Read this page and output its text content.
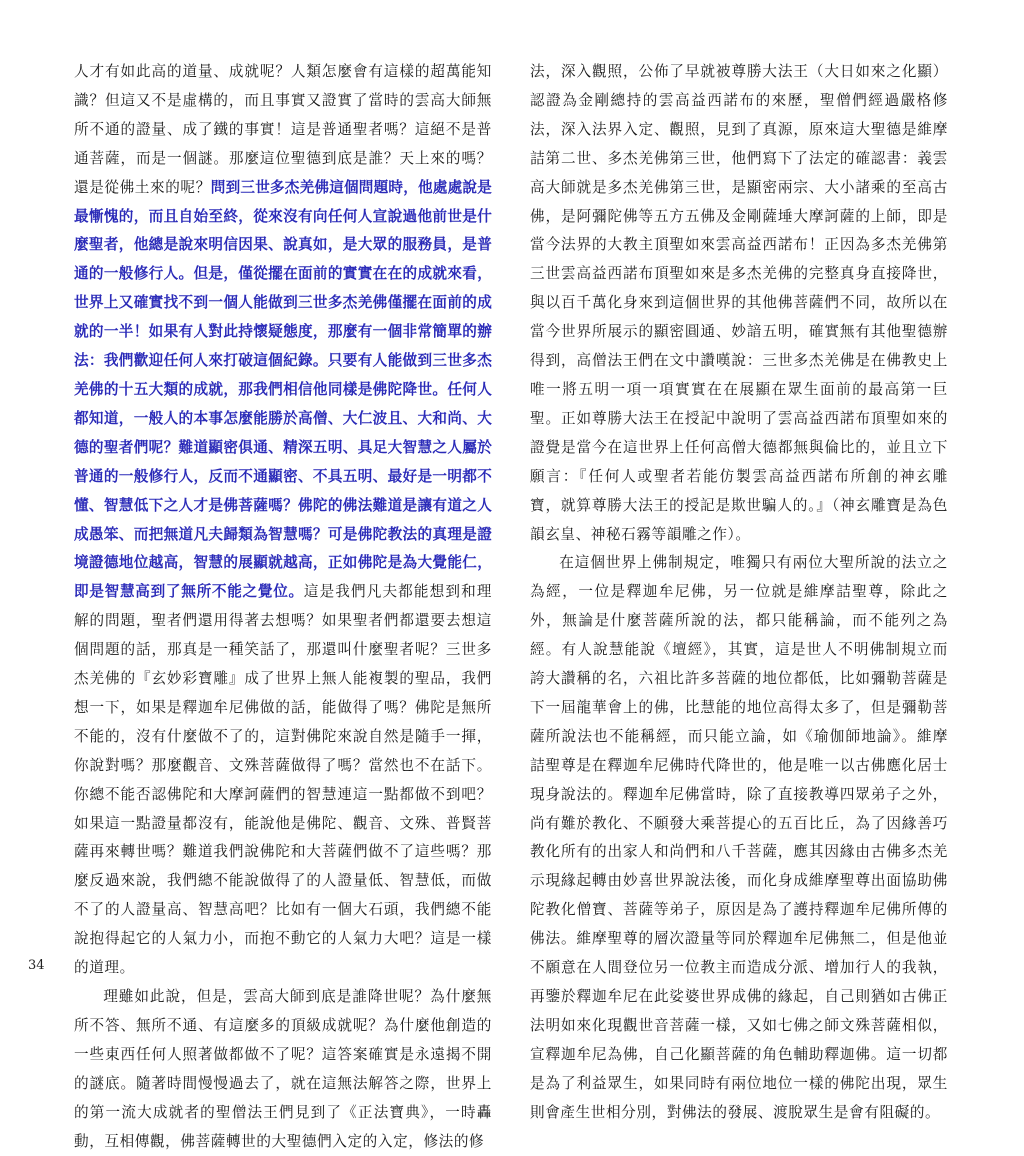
人才有如此高的道量、成就呢？人類怎麼會有這樣的超萬能知識？但這又不是虛構的，而且事實又證實了當時的雲高大師無所不通的證量、成了鐵的事實！這是普通聖者嗎？這絕不是普通菩薩，而是一個謎。那麼這位聖德到底是誰？天上來的嗎？還是從佛土來的呢？問到三世多杰羌佛這個問題時，他處處說是最慚愧的，而且自始至終，從來沒有向任何人宣說過他前世是什麼聖者，他總是說來明信因果、說真如，是大眾的服務員，是普通的一般修行人。但是，僅從擺在面前的實實在在的成就來看，世界上又確實找不到一個人能做到三世多杰羌佛僅擺在面前的成就的一半！如果有人對此持懷疑態度，那麼有一個非常簡單的辦法：我們歡迎任何人來打破這個紀錄。只要有人能做到三世多杰羌佛的十五大類的成就，那我們相信他同樣是佛陀降世。任何人都知道，一般人的本事怎麼能勝於高僧、大仁波且、大和尚、大德的聖者們呢？難道顯密俱通、精深五明、具足大智慧之人屬於普通的一般修行人，反而不通顯密、不具五明、最好是一明都不懂、智慧低下之人才是佛菩薩嗎？佛陀的佛法難道是讓有道之人成愚笨、而把無道凡夫歸類為智慧嗎？可是佛陀教法的真理是證境證德地位越高，智慧的展顯就越高，正如佛陀是為大覺能仁，即是智慧高到了無所不能之覺位。這是我們凡夫都能想到和理解的問題，聖者們還用得著去想嗎？如果聖者們都還要去想這個問題的話，那真是一種笑話了，那還叫什麼聖者呢？三世多杰羌佛的『玄妙彩寶雕』成了世界上無人能複製的聖品，我們想一下，如果是釋迦牟尼佛做的話，能做得了嗎？佛陀是無所不能的，沒有什麼做不了的，這對佛陀來說自然是隨手一揮，你說對嗎？那麼觀音、文殊菩薩做得了嗎？當然也不在話下。你總不能否認佛陀和大摩訶薩們的智慧連這一點都做不到吧？如果這一點證量都沒有，能說他是佛陀、觀音、文殊、普賢菩薩再來轉世嗎？難道我們說佛陀和大菩薩們做不了這些嗎？那麼反過來說，我們總不能說做得了的人證量低、智慧低，而做不了的人證量高、智慧高吧？比如有一個大石頭，我們總不能說抱得起它的人氣力小，而抱不動它的人氣力大吧？這是一樣的道理。

理雖如此說，但是，雲高大師到底是誰降世呢？為什麼無所不答、無所不通、有這麼多的頂級成就呢？為什麼他創造的一些東西任何人照著做都做不了呢？這答案確實是永遠揭不開的謎底。隨著時間慢慢過去了，就在這無法解答之際，世界上的第一流大成就者的聖僧法王們見到了《正法寶典》，一時轟動，互相傳觀，佛菩薩轉世的大聖德們入定的入定，修法的修

法，深入觀照，公佈了早就被尊勝大法王（大日如來之化顯）認證為金剛總持的雲高益西諾布的來歷，聖僧們經過嚴格修法，深入法界入定、觀照，見到了真源，原來這大聖德是維摩詰第二世、多杰羌佛第三世，他們寫下了法定的確認書：義雲高大師就是多杰羌佛第三世，是顯密兩宗、大小諸乘的至高古佛，是阿彌陀佛等五方五佛及金剛薩埵大摩訶薩的上師，即是當今法界的大教主頂聖如來雲高益西諾布！正因為多杰羌佛第三世雲高益西諾布頂聖如來是多杰羌佛的完整真身直接降世，與以百千萬化身來到這個世界的其他佛菩薩們不同，故所以在當今世界所展示的顯密圓通、妙諳五明，確實無有其他聖德辦得到，高僧法王們在文中讚嘆說：三世多杰羌佛是在佛教史上唯一將五明一項一項實實在在展顯在眾生面前的最高第一巨聖。正如尊勝大法王在授記中說明了雲高益西諾布頂聖如來的證覺是當今在這世界上任何高僧大德都無與倫比的，並且立下願言：『任何人或聖者若能仿製雲高益西諾布所創的神玄雕寶，就算尊勝大法王的授記是欺世騙人的。』（神玄雕寶是為色韻玄皇、神秘石霧等韻雕之作）。

在這個世界上佛制規定，唯獨只有兩位大聖所說的法立之為經，一位是釋迦牟尼佛，另一位就是維摩詰聖尊，除此之外，無論是什麼菩薩所說的法，都只能稱論，而不能列之為經。有人說慧能說《壇經》，其實，這是世人不明佛制規立而誇大讚稱的名，六祖比許多菩薩的地位都低，比如彌勒菩薩是下一屆龍華會上的佛，比慧能的地位高得太多了，但是彌勒菩薩所說法也不能稱經，而只能立論，如《瑜伽師地論》。維摩詰聖尊是在釋迦牟尼佛時代降世的，他是唯一以古佛應化居士現身說法的。釋迦牟尼佛當時，除了直接教導四眾弟子之外，尚有難於教化、不願發大乘菩提心的五百比丘，為了因緣善巧教化所有的出家人和尚們和八千菩薩，應其因緣由古佛多杰羌示現緣起轉由妙喜世界說法後，而化身成維摩聖尊出面協助佛陀教化僧寶、菩薩等弟子，原因是為了護持釋迦牟尼佛所傳的佛法。維摩聖尊的層次證量等同於釋迦牟尼佛無二，但是他並不願意在人間登位另一位教主而造成分派、增加行人的我執，再鑒於釋迦牟尼在此娑婆世界成佛的緣起，自己則猶如古佛正法明如來化現觀世音菩薩一樣，又如七佛之師文殊菩薩相似，宣釋迦牟尼為佛，自己化顯菩薩的角色輔助釋迦佛。這一切都是為了利益眾生，如果同時有兩位地位一樣的佛陀出現，眾生則會產生世相分別，對佛法的發展、渡脫眾生是會有阻礙的。

34
